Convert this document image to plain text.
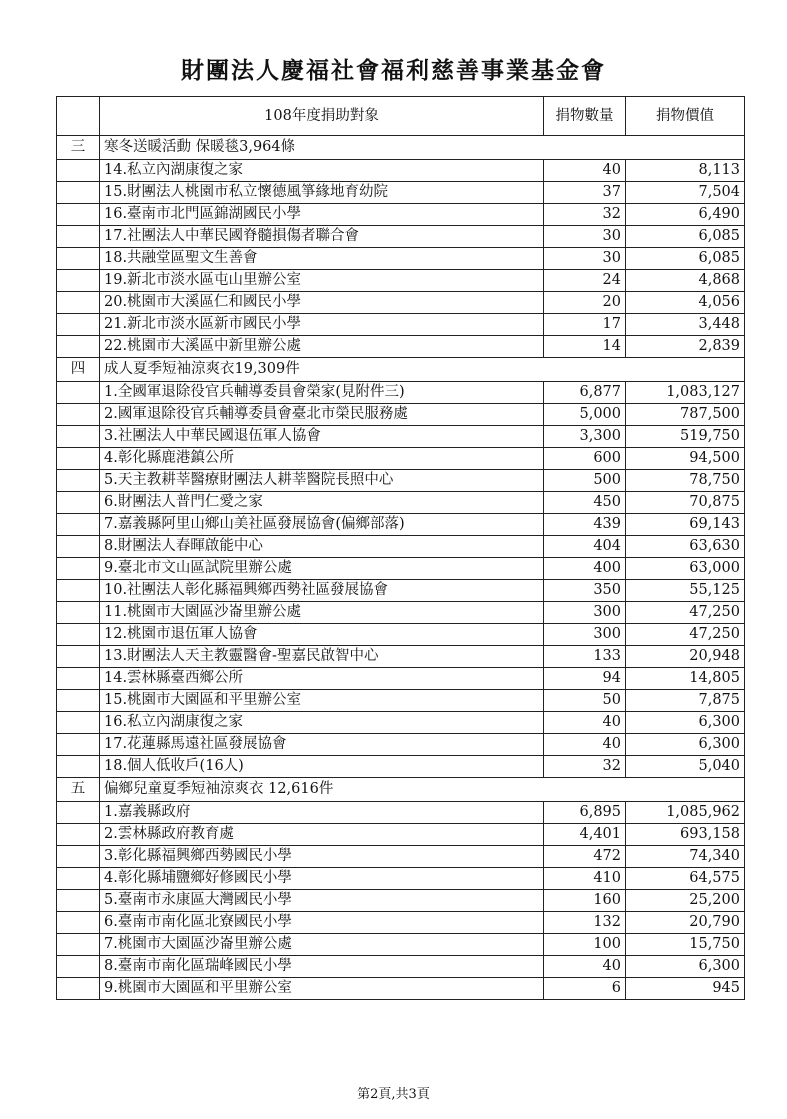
財團法人慶福社會福利慈善事業基金會
	108年度捐助對象	捐物數量	捐物價值
三	寒冬送暖活動 保暖毯3,964條		
	14.私立內湖康復之家	40	8,113
	15.財團法人桃園市私立懷德風箏緣地育幼院	37	7,504
	16.臺南市北門區錦湖國民小學	32	6,490
	17.社團法人中華民國脊髓損傷者聯合會	30	6,085
	18.共融堂區聖文生善會	30	6,085
	19.新北市淡水區屯山里辦公室	24	4,868
	20.桃園市大溪區仁和國民小學	20	4,056
	21.新北市淡水區新市國民小學	17	3,448
	22.桃園市大溪區中新里辦公處	14	2,839
四	成人夏季短袖涼爽衣19,309件		
	1.全國軍退除役官兵輔導委員會榮家(見附件三)	6,877	1,083,127
	2.國軍退除役官兵輔導委員會臺北市榮民服務處	5,000	787,500
	3.社團法人中華民國退伍軍人協會	3,300	519,750
	4.彰化縣鹿港鎮公所	600	94,500
	5.天主教耕莘醫療財團法人耕莘醫院長照中心	500	78,750
	6.財團法人普門仁愛之家	450	70,875
	7.嘉義縣阿里山鄉山美社區發展協會(偏鄉部落)	439	69,143
	8.財團法人春暉啟能中心	404	63,630
	9.臺北市文山區試院里辦公處	400	63,000
	10.社團法人彰化縣福興鄉西勢社區發展協會	350	55,125
	11.桃園市大園區沙崙里辦公處	300	47,250
	12.桃園市退伍軍人協會	300	47,250
	13.財團法人天主教靈醫會-聖嘉民啟智中心	133	20,948
	14.雲林縣臺西鄉公所	94	14,805
	15.桃園市大園區和平里辦公室	50	7,875
	16.私立內湖康復之家	40	6,300
	17.花蓮縣馬遠社區發展協會	40	6,300
	18.個人低收戶(16人)	32	5,040
五	偏鄉兒童夏季短袖涼爽衣 12,616件		
	1.嘉義縣政府	6,895	1,085,962
	2.雲林縣政府教育處	4,401	693,158
	3.彰化縣福興鄉西勢國民小學	472	74,340
	4.彰化縣埔鹽鄉好修國民小學	410	64,575
	5.臺南市永康區大灣國民小學	160	25,200
	6.臺南市南化區北寮國民小學	132	20,790
	7.桃園市大園區沙崙里辦公處	100	15,750
	8.臺南市南化區瑞峰國民小學	40	6,300
	9.桃園市大園區和平里辦公室	6	945
第2頁,共3頁
